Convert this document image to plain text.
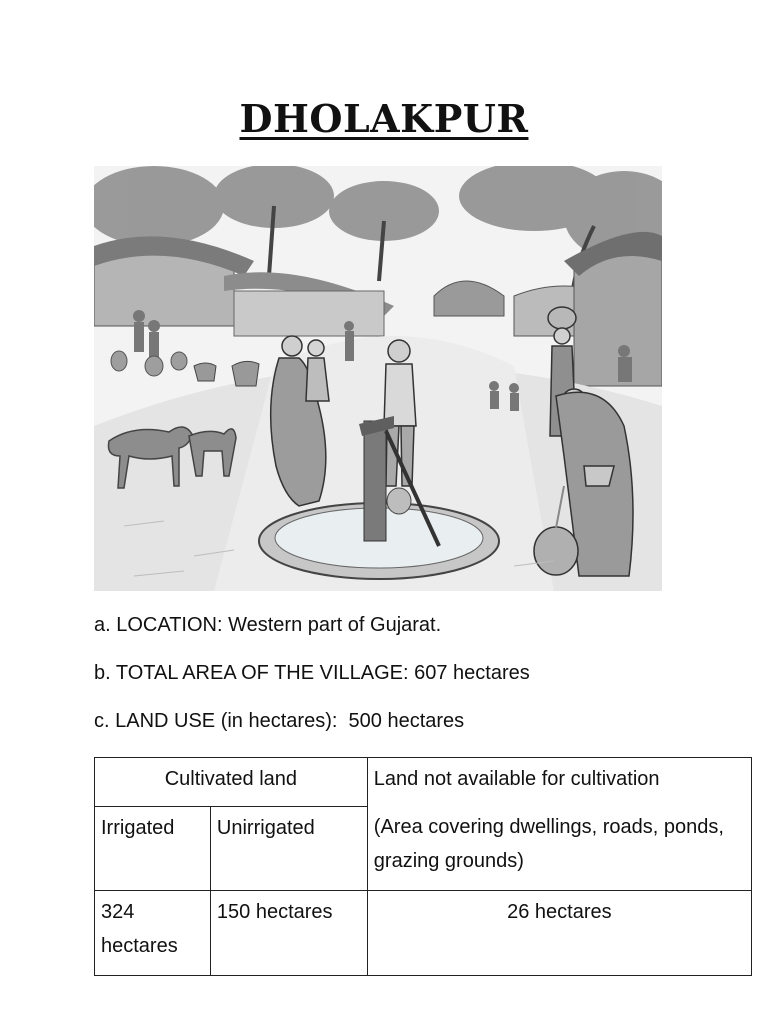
DHOLAKPUR
a. LOCATION: Western part of Gujarat.
b. TOTAL AREA OF THE VILLAGE: 607 hectares
c. LAND USE (in hectares):  500 hectares
Cultivated land		Land not available for cultivation
(Area covering dwellings, roads, ponds, grazing grounds)

Irrigated	Unirrigated	
324 hectares	150 hectares	26 hectares
